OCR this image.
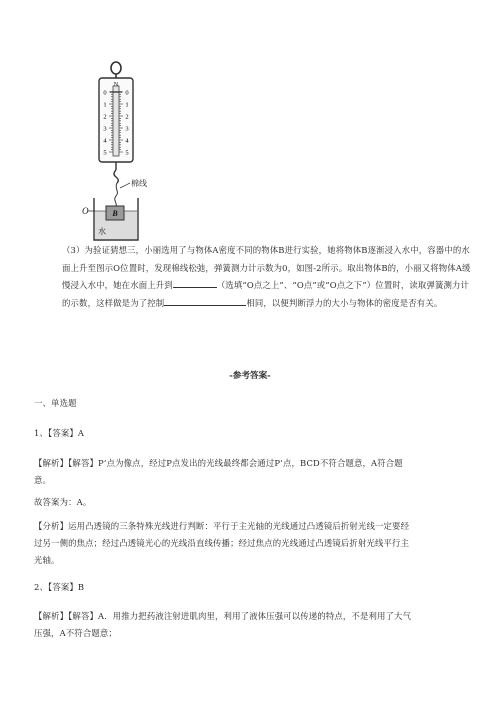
N
0	0
1	1
2	2
3	3
4	4
5	5
棉线
B
水
O
（3）为验证猜想三，小丽选用了与物体A密度不同的物体B进行实验，她将物体B逐渐浸入水中，容器中的水面上升至图示O位置时，发现棉线松弛，弹簧测力计示数为0，如图-2所示。取出物体B的，小丽又将物体A缓慢浸入水中，她在水面上升到	（选填“O点之上”、“O点”或“O点之下”）位置时，读取弹簧测力计的示数，这样做是为了控制	相同，以便判断浮力的大小与物体的密度是否有关。
-参考答案-
一、单选题
1、【答案】A
【解析】【解答】P’点为像点，经过P点发出的光线最终都会通过P’点，BCD不符合题意，A符合题
意。
故答案为：A。
【分析】运用凸透镜的三条特殊光线进行判断：平行于主光轴的光线通过凸透镜后折射光线一定要经
过另一侧的焦点；经过凸透镜光心的光线沿直线传播；经过焦点的光线通过凸透镜后折射光线平行主
光轴。
2、【答案】B
【解析】【解答】A．用推力把药液注射进肌肉里，利用了液体压强可以传递的特点，不是利用了大气
压强，A不符合题意；
